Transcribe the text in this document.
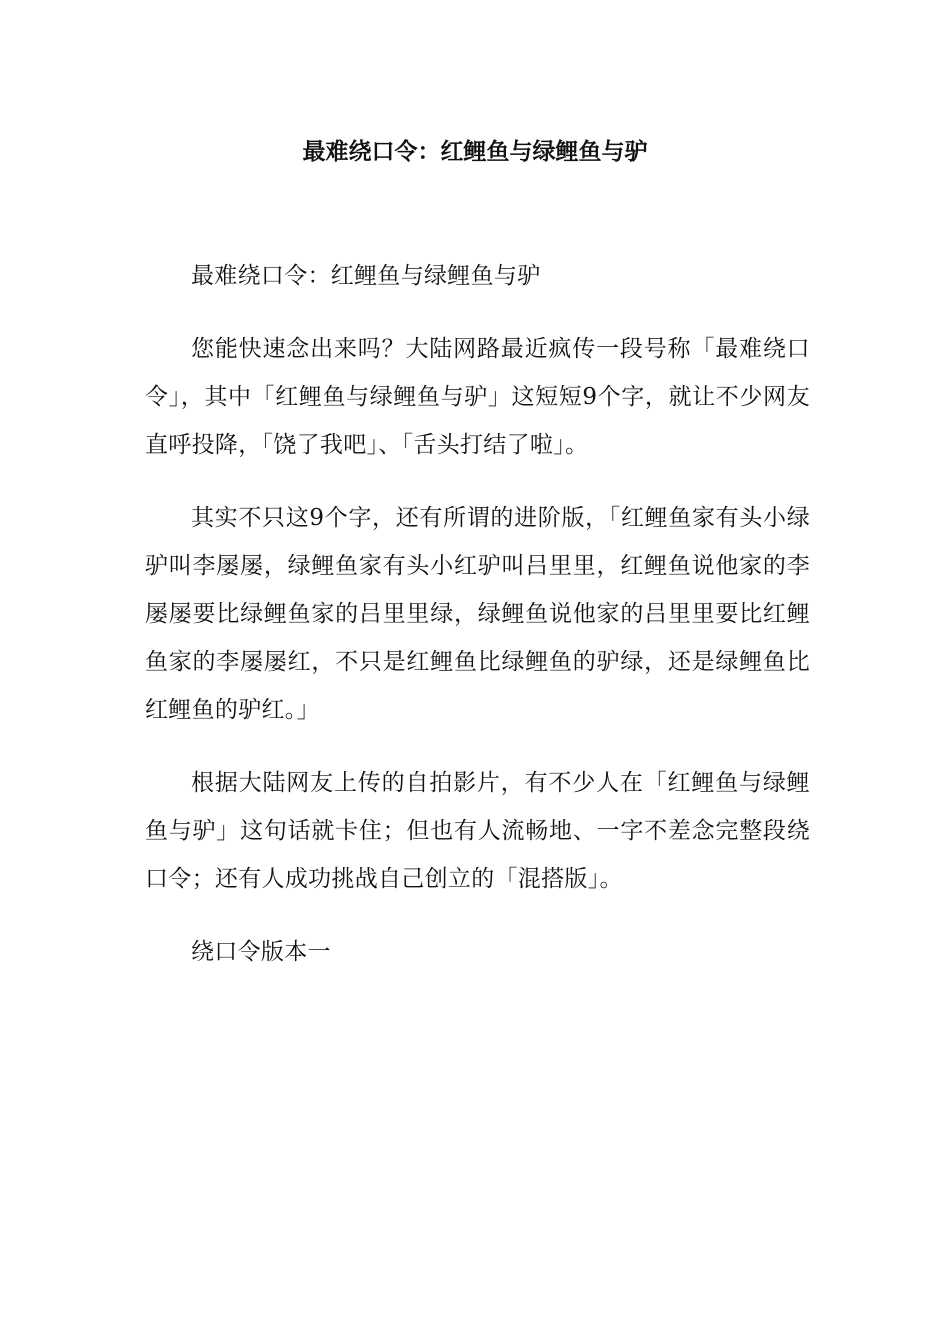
最难绕口令：红鲤鱼与绿鲤鱼与驴

最难绕口令：红鲤鱼与绿鲤鱼与驴

您能快速念出来吗？大陆网路最近疯传一段号称「最难绕口令」，其中「红鲤鱼与绿鲤鱼与驴」这短短9个字，就让不少网友直呼投降，「饶了我吧」、「舌头打结了啦」。

其实不只这9个字，还有所谓的进阶版，「红鲤鱼家有头小绿驴叫李屡屡，绿鲤鱼家有头小红驴叫吕里里，红鲤鱼说他家的李屡屡要比绿鲤鱼家的吕里里绿，绿鲤鱼说他家的吕里里要比红鲤鱼家的李屡屡红，不只是红鲤鱼比绿鲤鱼的驴绿，还是绿鲤鱼比红鲤鱼的驴红。」

根据大陆网友上传的自拍影片，有不少人在「红鲤鱼与绿鲤鱼与驴」这句话就卡住；但也有人流畅地、一字不差念完整段绕口令；还有人成功挑战自己创立的「混搭版」。

绕口令版本一
